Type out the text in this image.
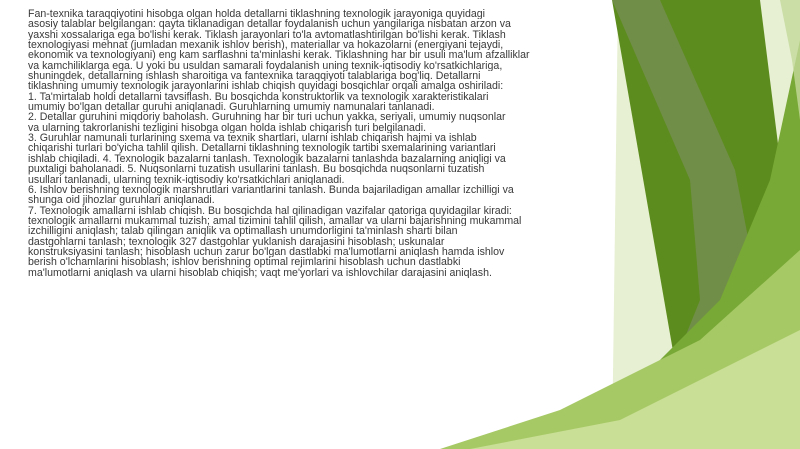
Fan-texnika taraqqiyotini hisobga olgan holda detallarni tiklashning texnologik jarayoniga quyidagi
asosiy talablar belgilangan: qayta tiklanadigan detallar foydalanish uchun yangilariga nisbatan arzon va
yaxshi xossalariga ega bo'lishi kerak. Tiklash jarayonlari to'la avtomatlashtirilgan bo'lishi kerak. Tiklash
texnologiyasi mehnat (jumladan mexanik ishlov berish), materiallar va hokazolarni (energiyani tejaydi,
ekonomik va texnologiyani) eng kam sarflashni ta'minlashi kerak. Tiklashning har bir usuli ma'lum afzalliklar
va kamchiliklarga ega. U yoki bu usuldan samarali foydalanish uning texnik-iqtisodiy ko'rsatkichlariga,
shuningdek, detallarning ishlash sharoitiga va fantexnika taraqqiyoti talablariga bog'liq. Detallarni
tiklashning umumiy texnologik jarayonlarini ishlab chiqish quyidagi bosqichlar orqali amalga oshiriladi:
1. Ta'mirtalab holdi detallarni tavsiflash. Bu bosqichda konstruktorlik va texnologik xarakteristikalari
umumiy bo'lgan detallar guruhi aniqlanadi. Guruhlarning umumiy namunalari tanlanadi.
2. Detallar guruhini miqdoriy baholash. Guruhning har bir turi uchun yakka, seriyali, umumiy nuqsonlar
va ularning takrorlanishi tezligini hisobga olgan holda ishlab chiqarish turi belgilanadi.
3. Guruhlar namunali turlarining sxema va texnik shartlari, ularni ishlab chiqarish hajmi va ishlab
chiqarishi turlari bo'yicha tahlil qilish. Detallarni tiklashning texnologik tartibi sxemalarining variantlari
ishlab chiqiladi. 4. Texnologik bazalarni tanlash. Texnologik bazalarni tanlashda bazalarning aniqligi va
puxtaligi baholanadi. 5. Nuqsonlarni tuzatish usullarini tanlash. Bu bosqichda nuqsonlarni tuzatish
usullari tanlanadi, ularning texnik-iqtisodiy ko'rsatkichlari aniqlanadi.
6. Ishlov berishning texnologik marshrutlari variantlarini tanlash. Bunda bajariladigan amallar izchilligi va
shunga oid jihozlar guruhlari aniqlanadi.
7. Texnologik amallarni ishlab chiqish. Bu bosqichda hal qilinadigan vazifalar qatoriga quyidagilar kiradi:
texnologik amallarni mukammal tuzish; amal tizimini tahlil qilish, amallar va ularni bajarishning mukammal
izchilligini aniqlash; talab qilingan aniqlik va optimallash unumdorligini ta'minlash sharti bilan
dastgohlarni tanlash; texnologik 327 dastgohlar yuklanish darajasini hisoblash; uskunalar
konstruksiyasini tanlash; hisoblash uchun zarur bo'lgan dastlabki ma'lumotlarni aniqlash hamda ishlov
berish o'lchamlarini hisoblash; ishlov berishning optimal rejimlarini hisoblash uchun dastlabki
ma'lumotlarni aniqlash va ularni hisoblab chiqish; vaqt me'yorlari va ishlovchilar darajasini aniqlash.
